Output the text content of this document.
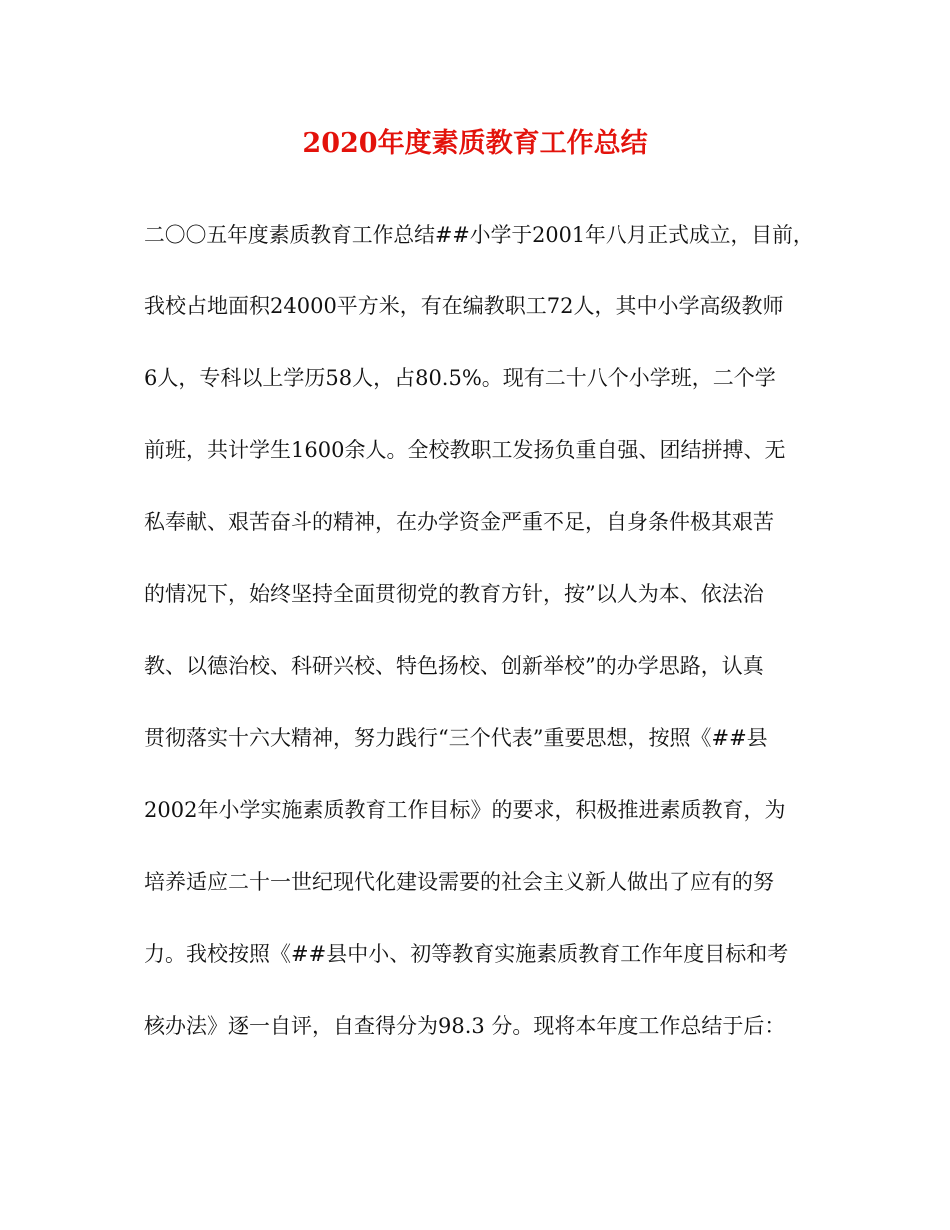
2020年度素质教育工作总结
二〇〇五年度素质教育工作总结##小学于2001年八月正式成立，目前，
我校占地面积24000平方米，有在编教职工72人，其中小学高级教师
6人，专科以上学历58人，占80.5%。现有二十八个小学班，二个学
前班，共计学生1600余人。全校教职工发扬负重自强、团结拼搏、无
私奉献、艰苦奋斗的精神，在办学资金严重不足，自身条件极其艰苦
的情况下，始终坚持全面贯彻党的教育方针，按”以人为本、依法治
教、以德治校、科研兴校、特色扬校、创新举校”的办学思路，认真
贯彻落实十六大精神，努力践行“三个代表”重要思想，按照《##县
2002年小学实施素质教育工作目标》的要求，积极推进素质教育，为
培养适应二十一世纪现代化建设需要的社会主义新人做出了应有的努
力。我校按照《##县中小、初等教育实施素质教育工作年度目标和考
核办法》逐一自评，自查得分为98.3 分。现将本年度工作总结于后：
